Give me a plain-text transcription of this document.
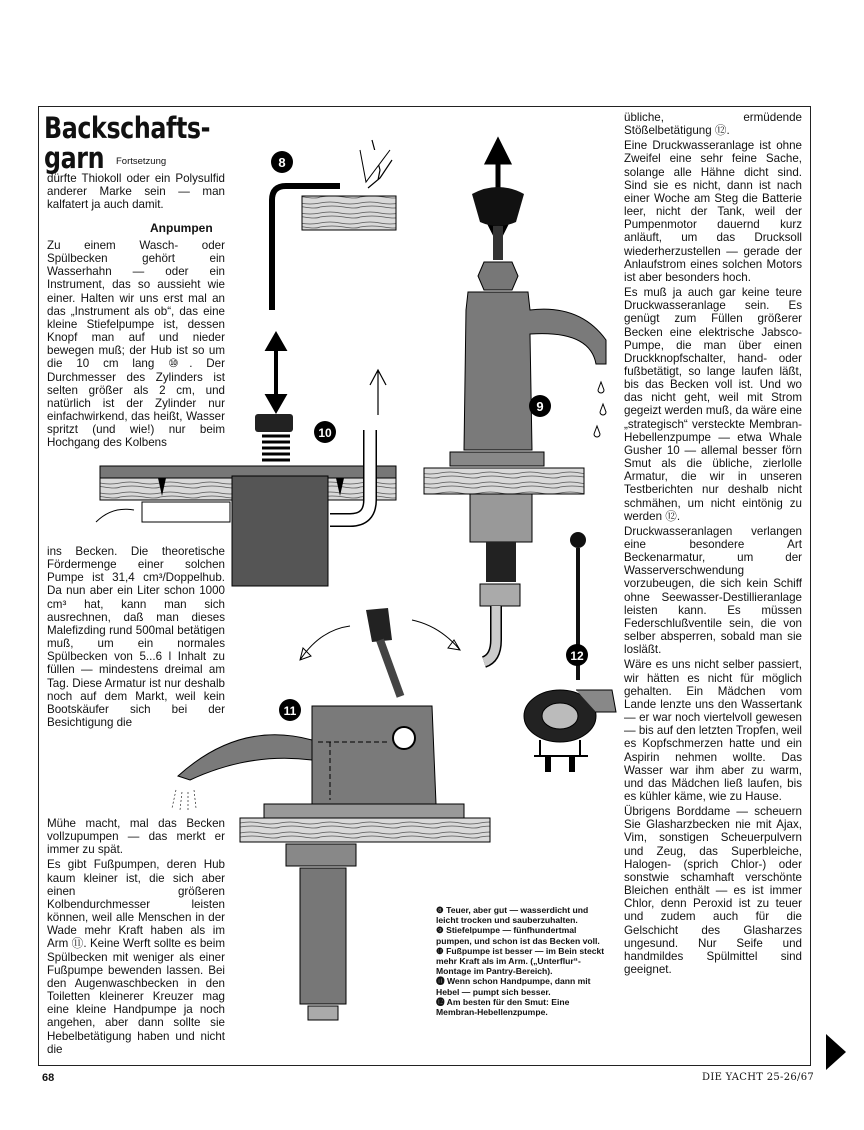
Backschafts-
garn Fortsetzung

dürfte Thiokoll oder ein Polysulfid anderer Marke sein — man kalfatert ja auch damit.

Anpumpen

Zu einem Wasch- oder Spülbecken gehört ein Wasserhahn — oder ein Instrument, das so aussieht wie einer. Halten wir uns erst mal an das „Instrument als ob“, das eine kleine Stiefelpumpe ist, dessen Knopf man auf und nieder bewegen muß; der Hub ist so um die 10 cm lang ⑩. Der Durchmesser des Zylinders ist selten größer als 2 cm, und natürlich ist der Zylinder nur einfachwirkend, das heißt, Wasser spritzt (und wie!) nur beim Hochgang des Kolbens

ins Becken. Die theoretische Fördermenge einer solchen Pumpe ist 31,4 cm³/Doppelhub. Da nun aber ein Liter schon 1000 cm³ hat, kann man sich ausrechnen, daß man dieses Malefizding rund 500mal betätigen muß, um ein normales Spülbecken von 5...6 l Inhalt zu füllen — mindestens dreimal am Tag. Diese Armatur ist nur deshalb noch auf dem Markt, weil kein Bootskäufer sich bei der Besichtigung die

Mühe macht, mal das Becken vollzupumpen — das merkt er immer zu spät.

Es gibt Fußpumpen, deren Hub kaum kleiner ist, die sich aber einen größeren Kolbendurchmesser leisten können, weil alle Menschen in der Wade mehr Kraft haben als im Arm ⑪. Keine Werft sollte es beim Spülbecken mit weniger als einer Fußpumpe bewenden lassen. Bei den Augenwaschbecken in den Toiletten kleinerer Kreuzer mag eine kleine Handpumpe ja noch angehen, aber dann sollte sie Hebelbetätigung haben und nicht die

übliche, ermüdende Stößelbetätigung ⑫.

Eine Druckwasseranlage ist ohne Zweifel eine sehr feine Sache, solange alle Hähne dicht sind. Sind sie es nicht, dann ist nach einer Woche am Steg die Batterie leer, nicht der Tank, weil der Pumpenmotor dauernd kurz anläuft, um das Drucksoll wiederherzustellen — gerade der Anlaufstrom eines solchen Motors ist aber besonders hoch.

Es muß ja auch gar keine teure Druckwasseranlage sein. Es genügt zum Füllen größerer Becken eine elektrische Jabsco-Pumpe, die man über einen Druckknopfschalter, hand- oder fußbetätigt, so lange laufen läßt, bis das Becken voll ist. Und wo das nicht geht, weil mit Strom gegeizt werden muß, da wäre eine „strategisch“ versteckte Membran-Hebellenzpumpe — etwa Whale Gusher 10 — allemal besser förn Smut als die übliche, zierlolle Armatur, die wir in unseren Testberichten nur deshalb nicht schmähen, um nicht eintönig zu werden ⑫.

Druckwasseranlagen verlangen eine besondere Art Beckenarmatur, um der Wasserverschwendung vorzubeugen, die sich kein Schiff ohne Seewasser-Destillieranlage leisten kann. Es müssen Federschlußventile sein, die von selber absperren, sobald man sie losläßt.

Wäre es uns nicht selber passiert, wir hätten es nicht für möglich gehalten. Ein Mädchen vom Lande lenzte uns den Wassertank — er war noch viertelvoll gewesen — bis auf den letzten Tropfen, weil es Kopfschmerzen hatte und ein Aspirin nehmen wollte. Das Wasser war ihm aber zu warm, und das Mädchen ließ laufen, bis es kühler käme, wie zu Hause.

Übrigens Borddame — scheuern Sie Glasharzbecken nie mit Ajax, Vim, sonstigen Scheuerpulvern und Zeug, das Superbleiche, Halogen- (sprich Chlor-) oder sonstwie schamhaft verschönte Bleichen enthält — es ist immer Chlor, denn Peroxid ist zu teuer und zudem auch für die Gelschicht des Glasharzes ungesund. Nur Seife und handmildes Spülmittel sind geeignet.

8
10
9
11
12

❽ Teuer, aber gut — wasserdicht und leicht trocken und sauberzuhalten.

❾ Stiefelpumpe — fünfhundertmal pumpen, und schon ist das Becken voll.

❿ Fußpumpe ist besser — im Bein steckt mehr Kraft als im Arm. („Unterflur“-Montage im Pantry-Bereich).

⓫ Wenn schon Handpumpe, dann mit Hebel — pumpt sich besser.

⓬ Am besten für den Smut: Eine Membran-Hebellenzpumpe.

68	DIE YACHT 25-26/67
